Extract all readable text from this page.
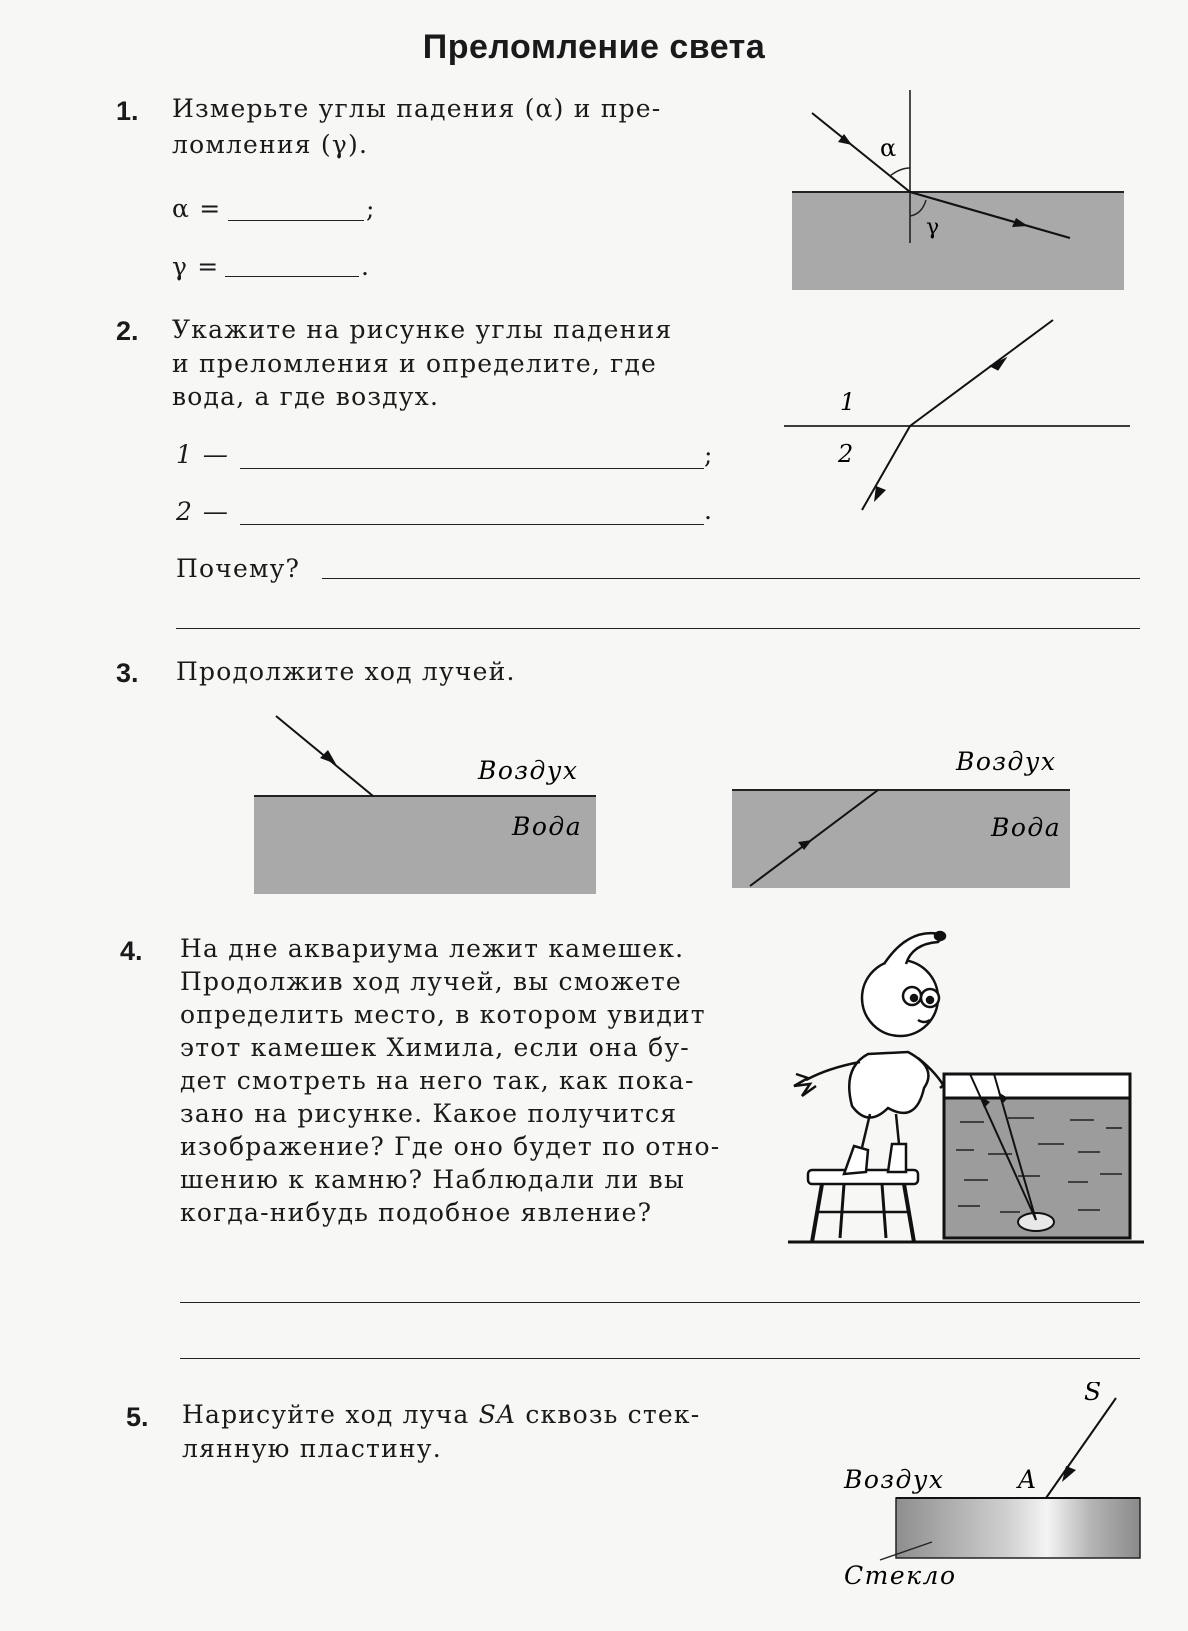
Преломление света
1. Измерьте углы падения (α) и пре-
ломления (γ).
α =	;
γ =	.
α
γ
2. Укажите на рисунке углы падения
и преломления и определите, где
вода, а где воздух.
1 —	;
2 —	.
Почему?
1
2
3. Продолжите ход лучей.
Воздух
Вода
Воздух
Вода
4. На дне аквариума лежит камешек.
Продолжив ход лучей, вы сможете
определить место, в котором увидит
этот камешек Химила, если она бу-
дет смотреть на него так, как пока-
зано на рисунке. Какое получится
изображение? Где оно будет по отно-
шению к камню? Наблюдали ли вы
когда-нибудь подобное явление?
5. Нарисуйте ход луча SA сквозь стек-
лянную пластину.
S
A
Воздух
Стекло
